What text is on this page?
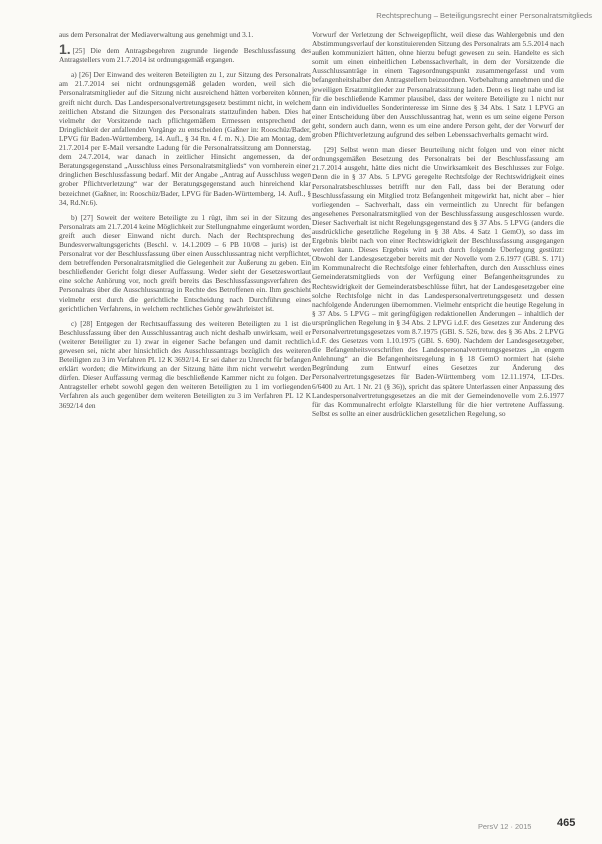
Rechtsprechung – Beteiligungsrecht einer Personalratsmitglieds

aus dem Personalrat der Mediaverwaltung aus genehmigt und 3.1.

1. [25] Die dem Antragsbegehren zugrunde liegende Beschlussfassung des Antragstellers vom 21.7.2014 ist ordnungsgemäß ergangen.

a) [26] Der Einwand des weiteren Beteiligten zu 1, zur Sitzung des Personalrats am 21.7.2014 sei nicht ordnungsgemäß geladen worden, weil sich die Personalratsmitglieder auf die Sitzung nicht ausreichend hätten vorbereiten können, greift nicht durch. Das Landespersonalvertretungsgesetz bestimmt nicht, in welchem zeitlichen Abstand die Sitzungen des Personalrats stattzufinden haben. Dies hat vielmehr der Vorsitzende nach pflichtgemäßem Ermessen entsprechend der Dringlichkeit der anfallenden Vorgänge zu entscheiden (Gaßner in: Rooschüz/Bader, LPVG für Baden-Württemberg, 14. Aufl., § 34 Rn. 4 f. m. N.). Die am Montag, dem 21.7.2014 per E-Mail versandte Ladung für die Personalratssitzung am Donnerstag, dem 24.7.2014, war danach in zeitlicher Hinsicht angemessen, da der Beratungsgegenstand „Ausschluss eines Personalratsmitglieds“ von vornherein einer dringlichen Beschlussfassung bedarf. Mit der Angabe „Antrag auf Ausschluss wegen grober Pflichtverletzung“ war der Beratungsgegenstand auch hinreichend klar bezeichnet (Gaßner, in: Rooschüz/Bader, LPVG für Baden-Württemberg, 14. Aufl., § 34, Rd.Nr.6).

b) [27] Soweit der weitere Beteiligte zu 1 rügt, ihm sei in der Sitzung des Personalrats am 21.7.2014 keine Möglichkeit zur Stellungnahme eingeräumt worden, greift auch dieser Einwand nicht durch. Nach der Rechtsprechung des Bundesverwaltungsgerichts (Beschl. v. 14.1.2009 – 6 PB 10/08 – juris) ist der Personalrat vor der Beschlussfassung über einen Ausschlussantrag nicht verpflichtet, dem betreffenden Personalratsmitglied die Gelegenheit zur Äußerung zu geben. Ein beschließender Gericht folgt dieser Auffassung. Weder sieht der Gesetzeswortlaut eine solche Anhörung vor, noch greift bereits das Beschlussfassungsverfahren des Personalrats über die Ausschlussantrag in Rechte des Betroffenen ein. Ihm geschieht vielmehr erst durch die gerichtliche Entscheidung nach Durchführung eines gerichtlichen Verfahrens, in welchem rechtliches Gehör gewährleistet ist.

c) [28] Entgegen der Rechtsauffassung des weiteren Beteiligten zu 1 ist die Beschlussfassung über den Ausschlussantrag auch nicht deshalb unwirksam, weil er (weiterer Beteiligter zu 1) zwar in eigener Sache befangen und damit rechtlich gewesen sei, nicht aber hinsichtlich des Ausschlussantrags bezüglich des weiteren Beteiligten zu 3 im Verfahren PL 12 K 3692/14. Er sei daher zu Unrecht für befangen erklärt worden; die Mitwirkung an der Sitzung hätte ihm nicht verwehrt werden dürfen. Dieser Auffassung vermag die beschließende Kammer nicht zu folgen. Der Antragsteller erhebt sowohl gegen den weiteren Beteiligten zu 1 im vorliegenden Verfahren als auch gegenüber dem weiteren Beteiligten zu 3 im Verfahren PL 12 K 3692/14 den

Vorwurf der Verletzung der Schweigepflicht, weil diese das Wahlergebnis und den Abstimmungsverlauf der konstituierenden Sitzung des Personalrats am 5.5.2014 nach außen kommuniziert hätten, ohne hierzu befugt gewesen zu sein. Handelte es sich somit um einen einheitlichen Lebenssachverhalt, in dem der Vorsitzende die Ausschlussanträge in einem Tagesordnungspunkt zusammengefasst und vom befangenheitshalber den Antragstellern beizuordnen. Vorbehaltung annehmen und die jeweiligen Ersatzmitglieder zur Personalratssitzung laden. Denn es liegt nahe und ist für die beschließende Kammer plausibel, dass der weitere Beteiligte zu 1 nicht nur dann ein individuelles Sonderinteresse im Sinne des § 34 Abs. 1 Satz 1 LPVG an einer Entscheidung über den Ausschlussantrag hat, wenn es um seine eigene Person geht, sondern auch dann, wenn es um eine andere Person geht, der der Vorwurf der groben Pflichtverletzung aufgrund des selben Lebenssachverhalts gemacht wird.

[29] Selbst wenn man dieser Beurteilung nicht folgen und von einer nicht ordnungsgemäßen Besetzung des Personalrats bei der Beschlussfassung am 21.7.2014 ausgeht, hätte dies nicht die Unwirksamkeit des Beschlusses zur Folge. Denn die in § 37 Abs. 5 LPVG geregelte Rechtsfolge der Rechtswidrigkeit eines Personalratsbeschlusses betrifft nur den Fall, dass bei der Beratung oder Beschlussfassung ein Mitglied trotz Befangenheit mitgewirkt hat, nicht aber – hier vorliegenden – Sachverhalt, dass ein vermeintlich zu Unrecht für befangen angesehenes Personalratsmitglied von der Beschlussfassung ausgeschlossen wurde. Dieser Sachverhalt ist nicht Regelungsgegenstand des § 37 Abs. 5 LPVG (anders die ausdrückliche gesetzliche Regelung in § 38 Abs. 4 Satz 1 GemO), so dass im Ergebnis bleibt nach von einer Rechtswidrigkeit der Beschlussfassung ausgegangen werden kann. Dieses Ergebnis wird auch durch folgende Überlegung gestützt: Obwohl der Landesgesetzgeber bereits mit der Novelle vom 2.6.1977 (GBl. S. 171) im Kommunalrecht die Rechtsfolge einer fehlerhaften, durch den Ausschluss eines Gemeinderatsmitglieds von der Verfügung einer Befangenheitsgrundes zu Rechtswidrigkeit der Gemeinderatsbeschlüsse führt, hat der Landesgesetzgeber eine solche Rechtsfolge nicht in das Landespersonalvertretungsgesetz und dessen nachfolgende Änderungen übernommen. Vielmehr entspricht die heutige Regelung in § 37 Abs. 5 LPVG – mit geringfügigen redaktionellen Änderungen – inhaltlich der ursprünglichen Regelung in § 34 Abs. 2 LPVG i.d.F. des Gesetzes zur Änderung des Personalvertretungsgesetzes vom 8.7.1975 (GBl. S. 526, bzw. des § 36 Abs. 2 LPVG i.d.F. des Gesetzes vom 1.10.1975 (GBl. S. 690). Nachdem der Landesgesetzgeber, die Befangenheitsvorschriften des Landespersonalvertretungsgesetzes „in engem Anlehnung“ an die Befangenheitsregelung in § 18 GemO normiert hat (siehe Begründung zum Entwurf eines Gesetzes zur Änderung des Personalvertretungsgesetzes für Baden-Württemberg vom 12.11.1974, LT-Drs. 6/6400 zu Art. 1 Nr. 21 (§ 36)), spricht das spätere Unterlassen einer Anpassung des Landespersonalvertretungsgesetzes an die mit der Gemeindenovelle vom 2.6.1977 für das Kommunalrecht erfolgte Klarstellung für die hier vertretene Auffassung. Selbst es sollte an einer ausdrücklichen gesetzlichen Regelung, so

PersV 12 · 2015 465
